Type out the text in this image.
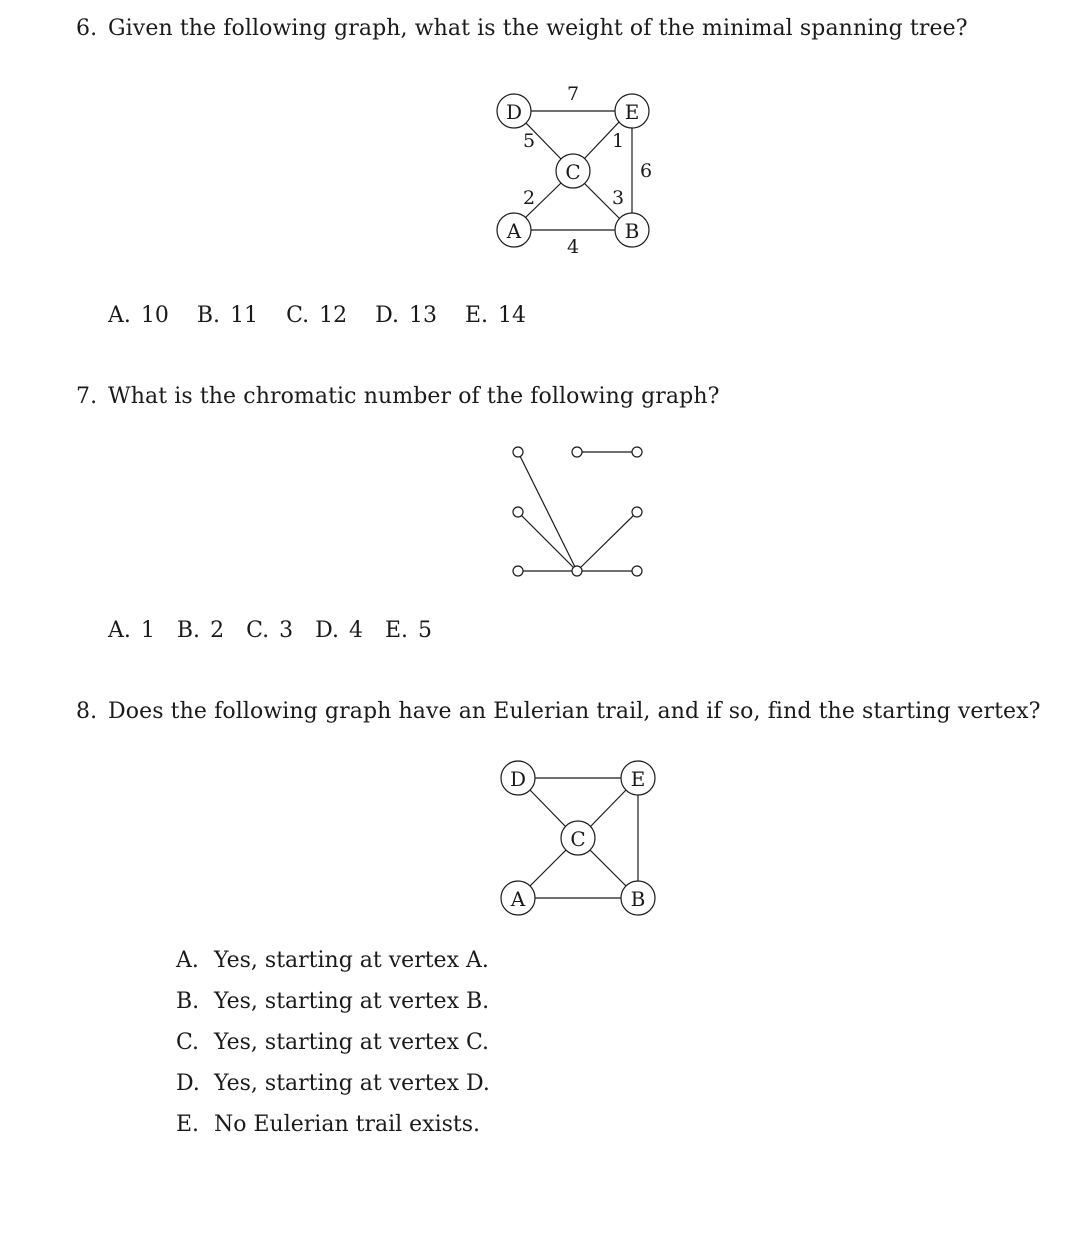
6. Given the following graph, what is the weight of the minimal spanning tree?
D	E
C
A	B
7
5	1
6
2	3
4
A. 10 B. 11 C. 12 D. 13 E. 14
7. What is the chromatic number of the following graph?
A. 1 B. 2 C. 3 D. 4 E. 5
8. Does the following graph have an Eulerian trail, and if so, find the starting vertex?
D	E
C
A	B
A. Yes, starting at vertex A.
B. Yes, starting at vertex B.
C. Yes, starting at vertex C.
D. Yes, starting at vertex D.
E. No Eulerian trail exists.
